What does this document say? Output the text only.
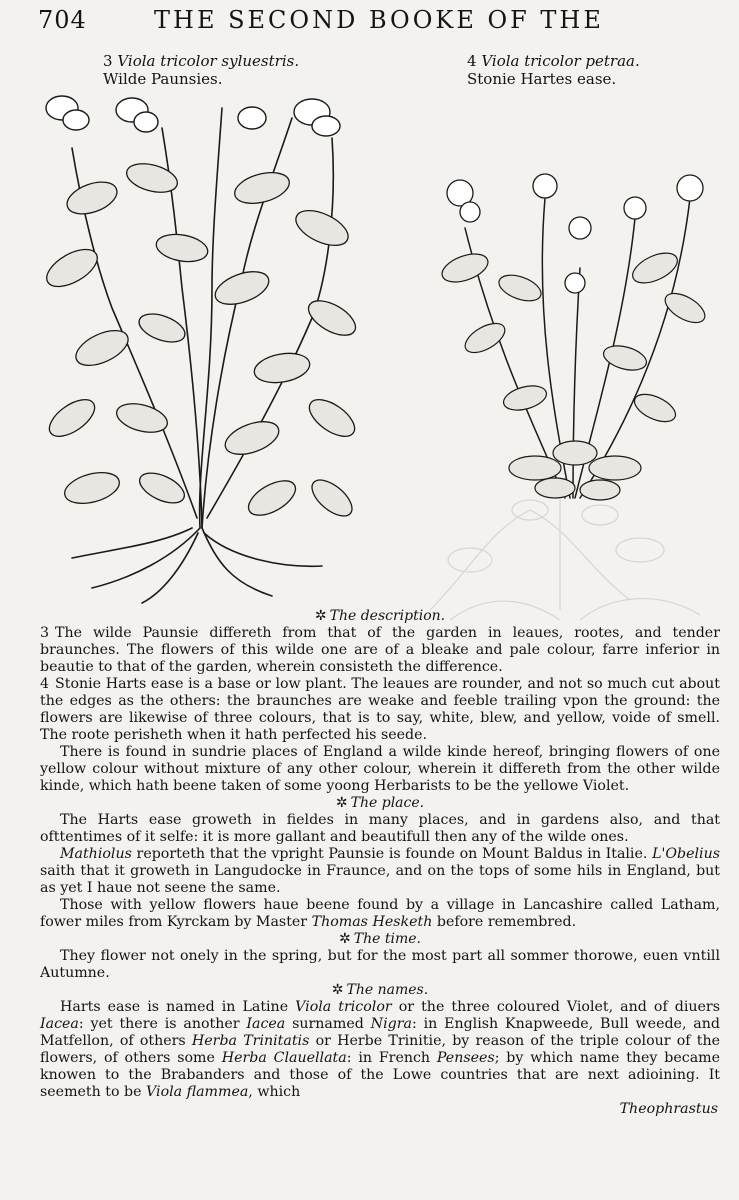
704	THE SECOND BOOKE OF THE
3 Viola tricolor syluestris.
Wilde Paunsies.
4 Viola tricolor petraa.
Stonie Hartes ease.

✲ The description.

3 The wilde Paunsie differeth from that of the garden in leaues, rootes, and tender braunches. The flowers of this wilde one are of a bleake and pale colour, farre inferior in beautie to that of the garden, wherein consisteth the difference.

4 Stonie Harts ease is a base or low plant. The leaues are rounder, and not so much cut about the edges as the others: the braunches are weake and feeble trailing vpon the ground: the flowers are likewise of three colours, that is to say, white, blew, and yellow, voide of smell. The roote perisheth when it hath perfected his seede.

There is found in sundrie places of England a wilde kinde hereof, bringing flowers of one yellow colour without mixture of any other colour, wherein it differeth from the other wilde kinde, which hath beene taken of some yoong Herbarists to be the yellowe Violet.

✲ The place.

The Harts ease groweth in fieldes in many places, and in gardens also, and that ofttentimes of it selfe: it is more gallant and beautifull then any of the wilde ones.

Mathiolus reporteth that the vpright Paunsie is founde on Mount Baldus in Italie. L'Obelius saith that it groweth in Langudocke in Fraunce, and on the tops of some hils in England, but as yet I haue not seene the same.

Those with yellow flowers haue beene found by a village in Lancashire called Latham, fower miles from Kyrckam by Master Thomas Hesketh before remembred.

✲ The time.

They flower not onely in the spring, but for the most part all sommer thorowe, euen vntill Autumne.

✲ The names.

Harts ease is named in Latine Viola tricolor or the three coloured Violet, and of diuers Iacea: yet there is another Iacea surnamed Nigra: in English Knapweede, Bull weede, and Matfellon, of others Herba Trinitatis or Herbe Trinitie, by reason of the triple colour of the flowers, of others some Herba Clauellata: in French Pensees; by which name they became knowen to the Brabanders and those of the Lowe countries that are next adioining. It seemeth to be Viola flammea, which

Theophrastus
